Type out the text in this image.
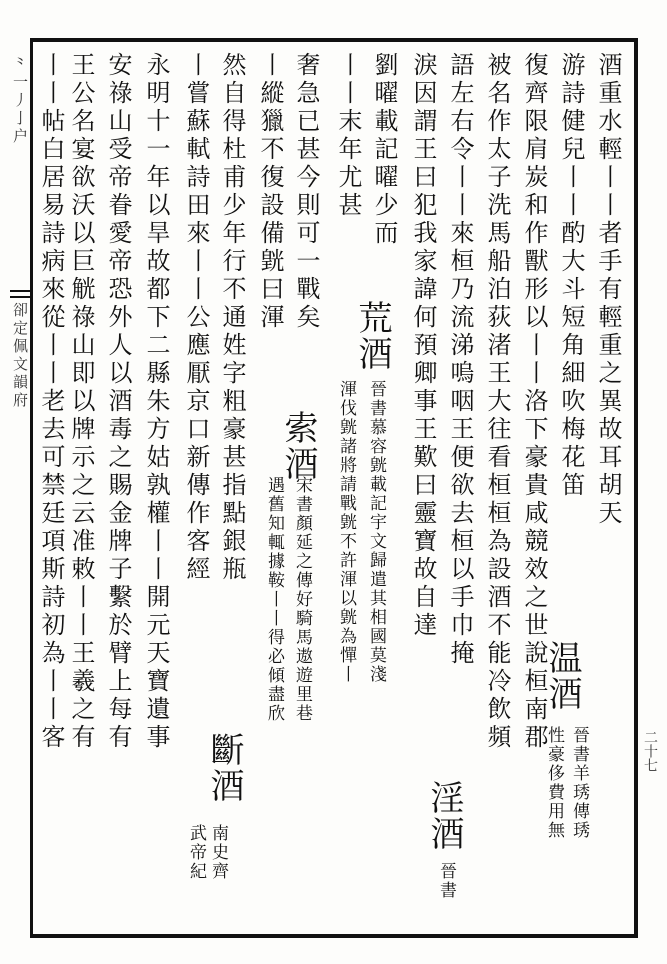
⺀⼀⼃⼅⼾
卻定佩文韻府
二十七
酒重水輕丨丨者手有輕重之異故耳胡天
游詩健兒丨丨酌大斗短角細吹梅花笛
復齊限肩炭和作獸形以丨丨洛下豪貴咸競效之世說桓南郡
被名作太子洗馬船泊荻渚王大往看桓桓為設酒不能冷飲頻
語左右令丨丨來桓乃流涕嗚咽王便欲去桓以手巾掩
淚因謂王曰犯我家諱何預卿事王歎曰靈寶故自達
劉曜載記曜少而
丨丨末年尤甚
奢急已甚今則可一戰矣
丨縱獵不復設備皝曰渾
然自得杜甫少年行不通姓字粗豪甚指點銀瓶
丨嘗蘇軾詩田來丨丨公應厭京口新傳作客經
永明十一年以旱故都下二縣朱方姑孰權丨丨開元天寶遺事
安祿山受帝眷愛帝恐外人以酒毒之賜金牌子繫於臂上每有
王公名宴欲沃以巨觥祿山即以牌示之云准敕丨丨王羲之有
丨丨帖白居易詩病來從丨丨老去可禁廷項斯詩初為丨丨客	温酒
晉書羊琇傳琇
性豪侈費用無
淫酒
晉書
荒酒
索酒
斷酒
南史齊
武帝紀
晉書慕容皝載記宇文歸遣其相國莫淺
渾伐皝諸將請戰皝不許渾以皝為憚丨
宋書顏延之傳好騎馬遨遊里巷
遇舊知輒據鞍丨丨得必傾盡欣
